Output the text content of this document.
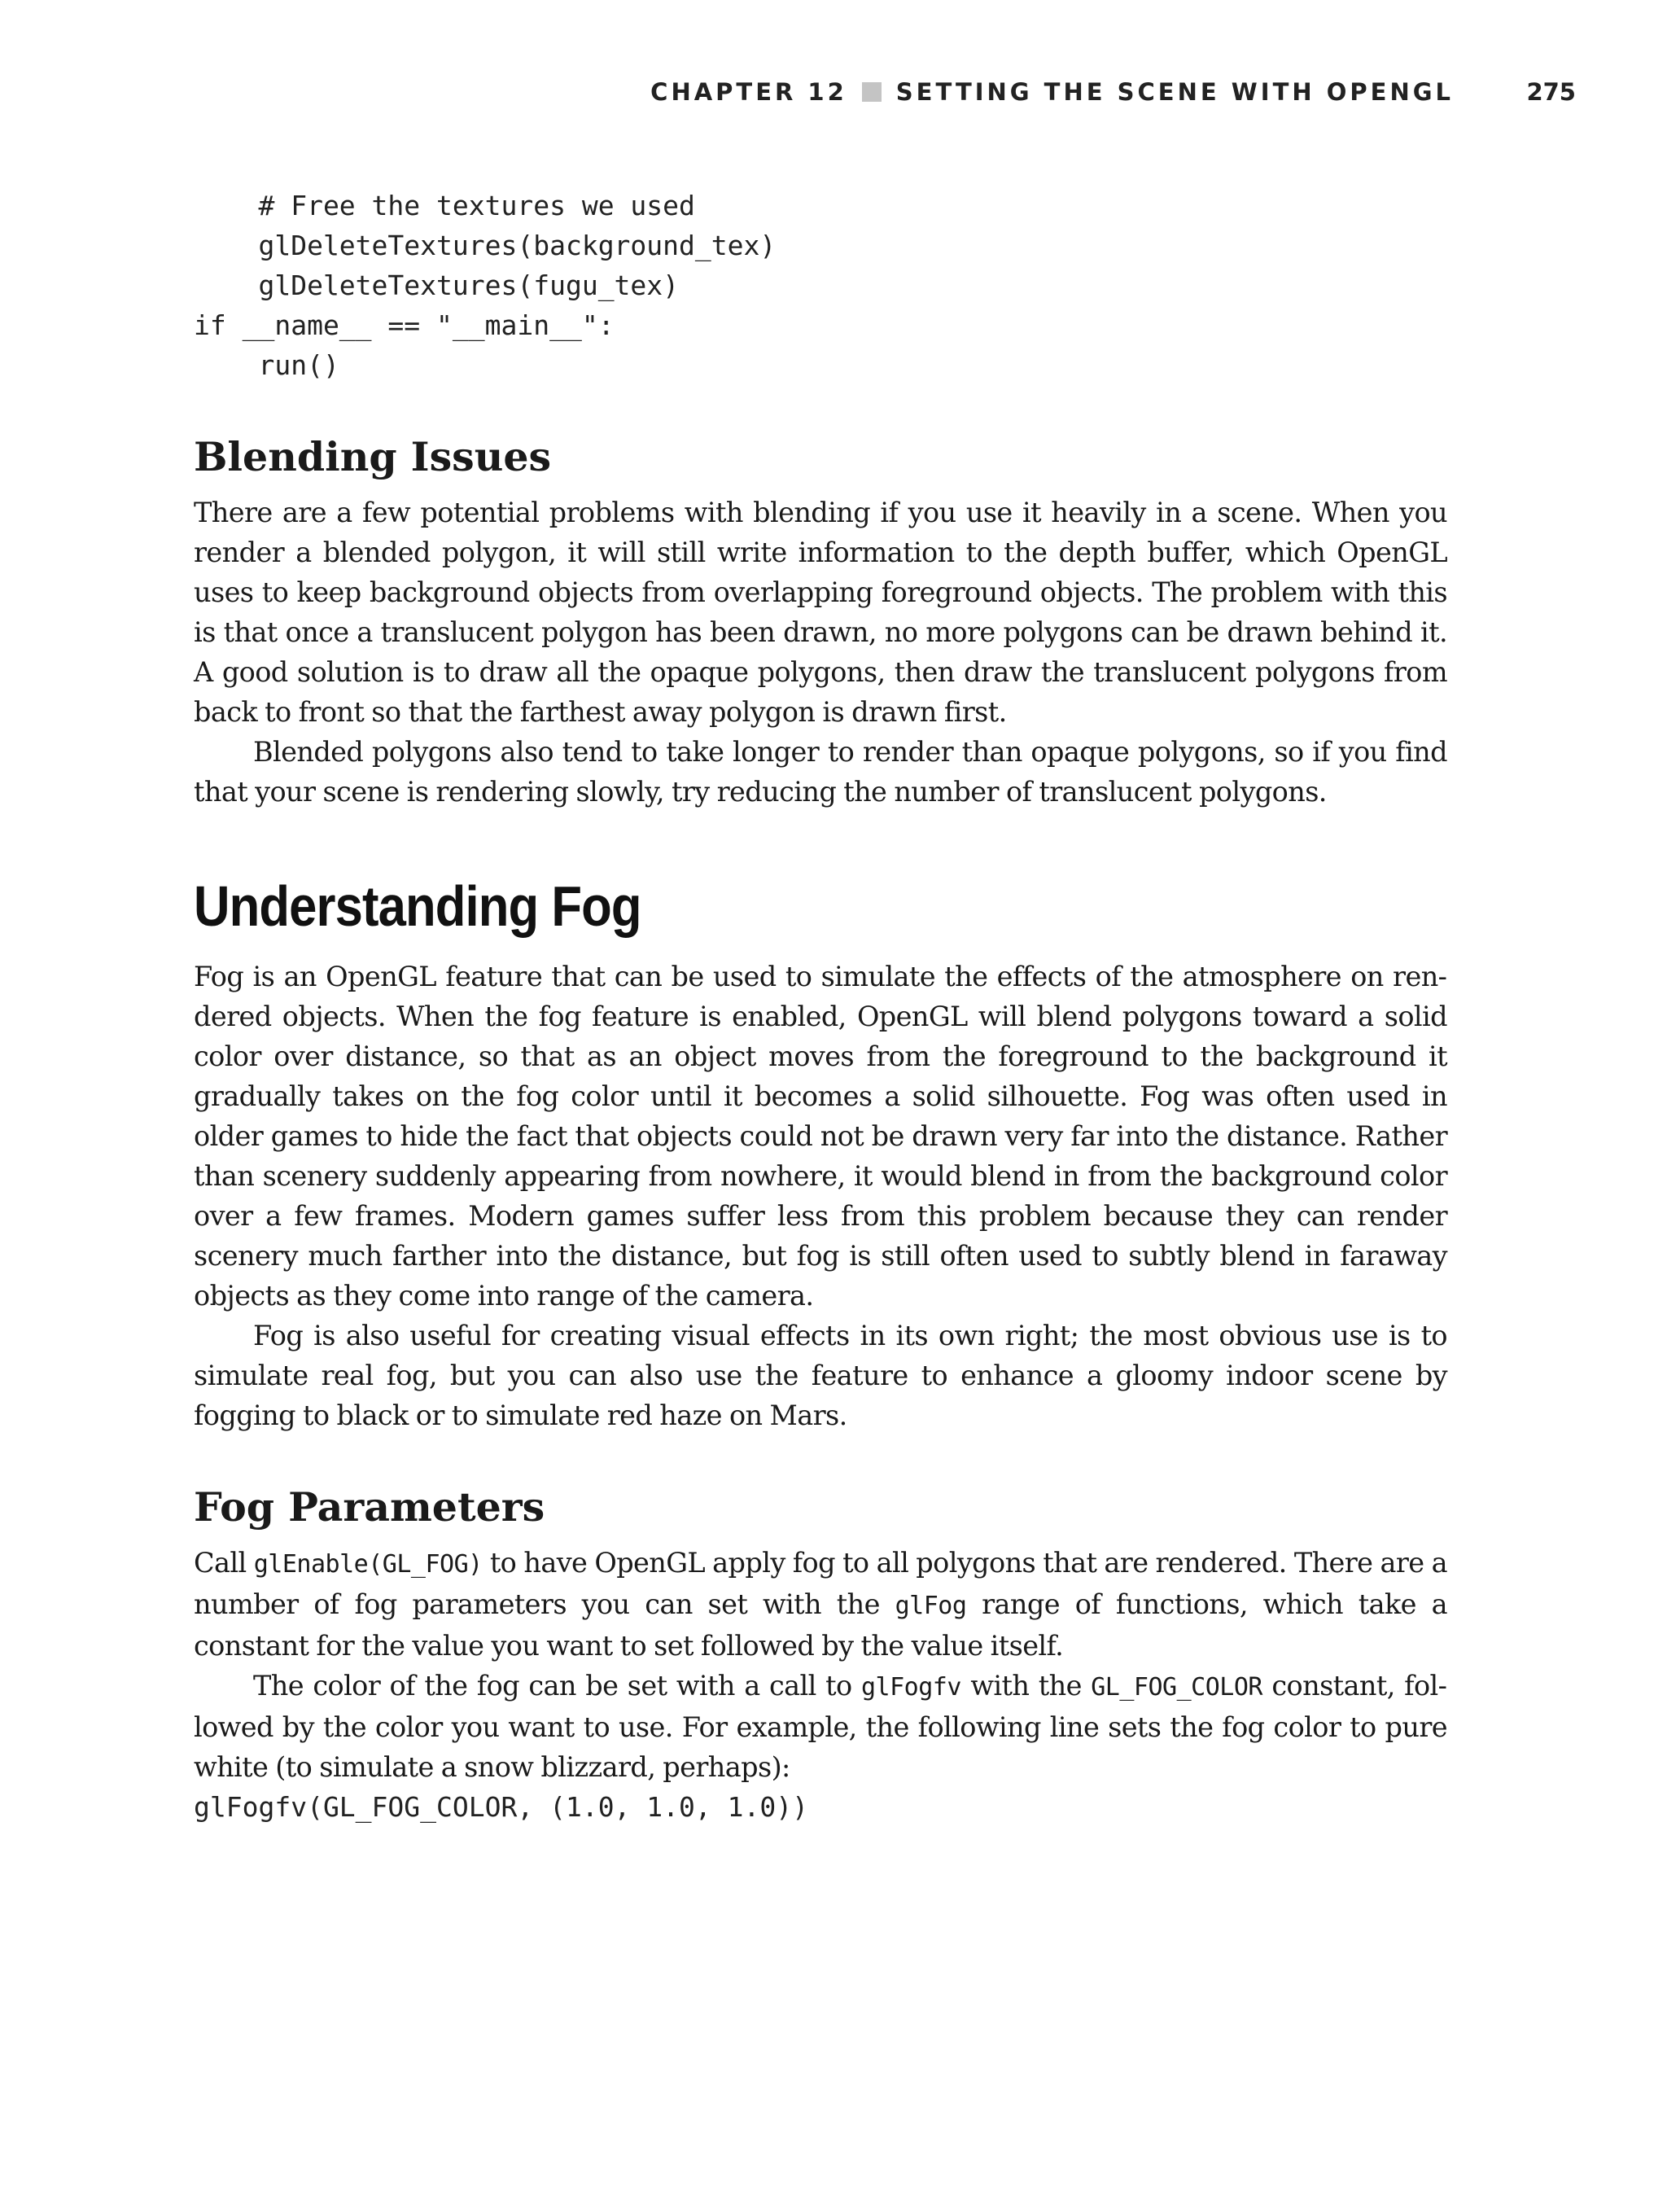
CHAPTER 12 SETTING THE SCENE WITH OPENGL	275
# Free the textures we used
glDeleteTextures(background_tex)
glDeleteTextures(fugu_tex)
if __name__ == "__main__":
run()
Blending Issues

There are a few potential problems with blending if you use it heavily in a scene. When you render a blended polygon, it will still write information to the depth buffer, which OpenGL uses to keep background objects from overlapping foreground objects. The problem with this is that once a translucent polygon has been drawn, no more polygons can be drawn behind it. A good solution is to draw all the opaque polygons, then draw the translucent polygons from back to front so that the farthest away polygon is drawn first.

Blended polygons also tend to take longer to render than opaque polygons, so if you find that your scene is rendering slowly, try reducing the number of translucent polygons.

Understanding Fog

Fog is an OpenGL feature that can be used to simulate the effects of the atmosphere on rendered objects. When the fog feature is enabled, OpenGL will blend polygons toward a solid color over distance, so that as an object moves from the foreground to the background it gradually takes on the fog color until it becomes a solid silhouette. Fog was often used in older games to hide the fact that objects could not be drawn very far into the distance. Rather than scenery suddenly appearing from nowhere, it would blend in from the background color over a few frames. Modern games suffer less from this problem because they can render scenery much farther into the distance, but fog is still often used to subtly blend in faraway objects as they come into range of the camera.

Fog is also useful for creating visual effects in its own right; the most obvious use is to simulate real fog, but you can also use the feature to enhance a gloomy indoor scene by fogging to black or to simulate red haze on Mars.

Fog Parameters

Call glEnable(GL_FOG) to have OpenGL apply fog to all polygons that are rendered. There are a number of fog parameters you can set with the glFog range of functions, which take a constant for the value you want to set followed by the value itself.

The color of the fog can be set with a call to glFogfv with the GL_FOG_COLOR constant, followed by the color you want to use. For example, the following line sets the fog color to pure white (to simulate a snow blizzard, perhaps):

glFogfv(GL_FOG_COLOR, (1.0, 1.0, 1.0))
